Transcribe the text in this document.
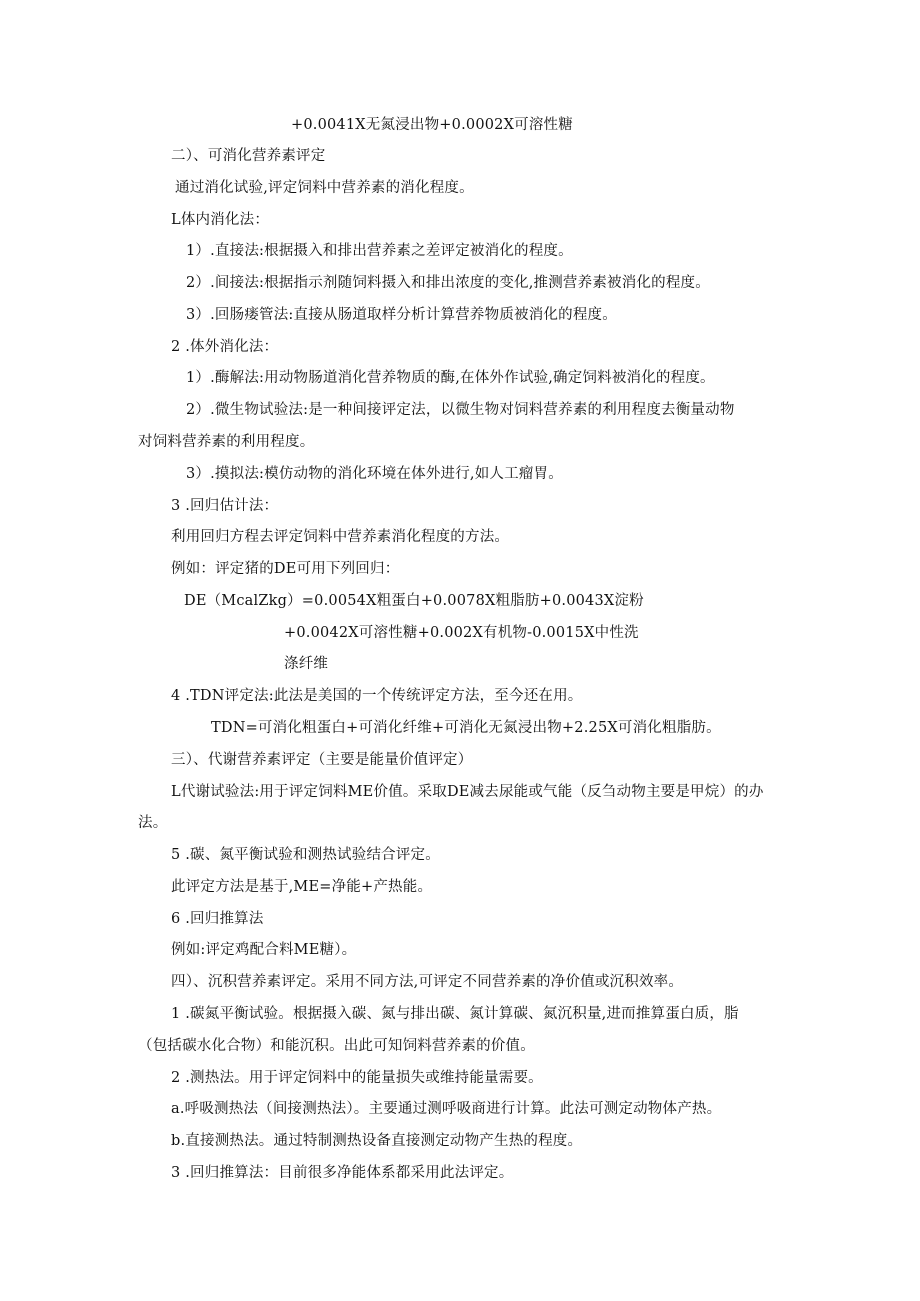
+0.0041X无氮浸出物+0.0002X可溶性糖
二）、可消化营养素评定
通过消化试验,评定饲料中营养素的消化程度。
L体内消化法：
1）.直接法:根据摄入和排出营养素之差评定被消化的程度。
2）.间接法:根据指示剂随饲料摄入和排出浓度的变化,推测营养素被消化的程度。
3）.回肠瘘管法:直接从肠道取样分析计算营养物质被消化的程度。
2 .体外消化法：
1）.酶解法:用动物肠道消化营养物质的酶,在体外作试验,确定饲料被消化的程度。
2）.微生物试验法:是一种间接评定法，以微生物对饲料营养素的利用程度去衡量动物
对饲料营养素的利用程度。
3）.摸拟法:模仿动物的消化环境在体外进行,如人工瘤胃。
3 .回归估计法：
利用回归方程去评定饲料中营养素消化程度的方法。
例如：评定猪的DE可用下列回归：
DE（McalZkg）=0.0054X粗蛋白+0.0078X粗脂肪+0.0043X淀粉
+0.0042X可溶性糖+0.002X有机物-0.0015X中性洗
涤纤维
4 .TDN评定法:此法是美国的一个传统评定方法，至今还在用。
TDN=可消化粗蛋白+可消化纤维+可消化无氮浸出物+2.25X可消化粗脂肪。
三）、代谢营养素评定（主要是能量价值评定）
L代谢试验法:用于评定饲料ME价值。采取DE减去尿能或气能（反刍动物主要是甲烷）的办
法。
5 .碳、氮平衡试验和测热试验结合评定。
此评定方法是基于,ME=净能+产热能。
6 .回归推算法
例如:评定鸡配合料ME糖）。
四）、沉积营养素评定。采用不同方法,可评定不同营养素的净价值或沉积效率。
1 .碳氮平衡试验。根据摄入碳、氮与排出碳、氮计算碳、氮沉积量,进而推算蛋白质，脂
（包括碳水化合物）和能沉积。出此可知饲料营养素的价值。
2 .测热法。用于评定饲料中的能量损失或维持能量需要。
a.呼吸测热法（间接测热法）。主要通过测呼吸商进行计算。此法可测定动物体产热。
b.直接测热法。通过特制测热设备直接测定动物产生热的程度。
3 .回归推算法：目前很多净能体系都采用此法评定。
